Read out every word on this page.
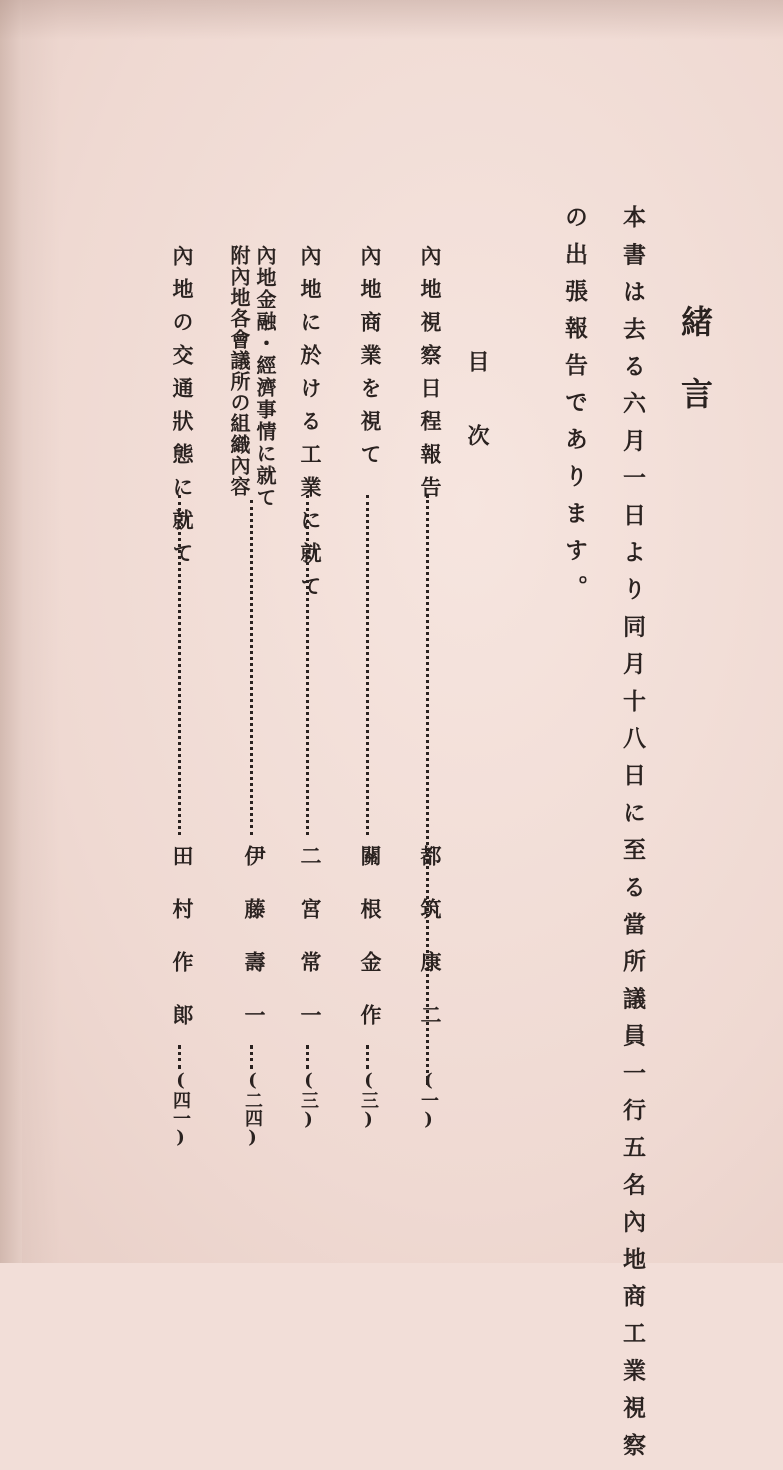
緒言
本書は去る六月一日より同月十八日に至る當所議員一行五名內地商工業視察
の出張報告であります。
目次
內地視察日程報告
都筑康二
(一)
內地商業を視て
關根金作
(三)
內地に於ける工業に就て
二宮常一
(三)
內地金融・經濟事情に就て
附內地各會議所の組織內容
伊藤壽一
(二四)
內地の交通狀態に就て
田村作郞
(四一)
